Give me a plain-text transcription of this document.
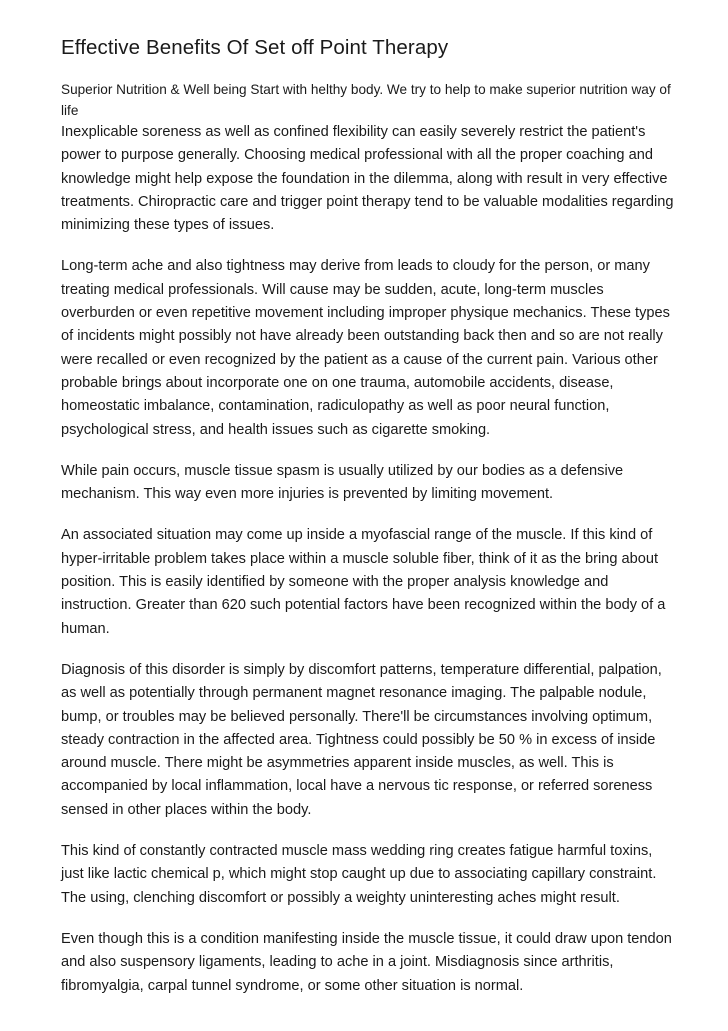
Effective Benefits Of Set off Point Therapy

Superior Nutrition & Well being Start with helthy body. We try to help to make superior nutrition way of life

Inexplicable soreness as well as confined flexibility can easily severely restrict the patient's power to purpose generally. Choosing medical professional with all the proper coaching and knowledge might help expose the foundation in the dilemma, along with result in very effective treatments. Chiropractic care and trigger point therapy tend to be valuable modalities regarding minimizing these types of issues.

Long-term ache and also tightness may derive from leads to cloudy for the person, or many treating medical professionals. Will cause may be sudden, acute, long-term muscles overburden or even repetitive movement including improper physique mechanics. These types of incidents might possibly not have already been outstanding back then and so are not really were recalled or even recognized by the patient as a cause of the current pain. Various other probable brings about incorporate one on one trauma, automobile accidents, disease, homeostatic imbalance, contamination, radiculopathy as well as poor neural function, psychological stress, and health issues such as cigarette smoking.

While pain occurs, muscle tissue spasm is usually utilized by our bodies as a defensive mechanism. This way even more injuries is prevented by limiting movement.

An associated situation may come up inside a myofascial range of the muscle. If this kind of hyper-irritable problem takes place within a muscle soluble fiber, think of it as the bring about position. This is easily identified by someone with the proper analysis knowledge and instruction. Greater than 620 such potential factors have been recognized within the body of a human.

Diagnosis of this disorder is simply by discomfort patterns, temperature differential, palpation, as well as potentially through permanent magnet resonance imaging. The palpable nodule, bump, or troubles may be believed personally. There'll be circumstances involving optimum, steady contraction in the affected area. Tightness could possibly be 50 % in excess of inside around muscle. There might be asymmetries apparent inside muscles, as well. This is accompanied by local inflammation, local have a nervous tic response, or referred soreness sensed in other places within the body.

This kind of constantly contracted muscle mass wedding ring creates fatigue harmful toxins, just like lactic chemical p, which might stop caught up due to associating capillary constraint. The using, clenching discomfort or possibly a weighty uninteresting aches might result.

Even though this is a condition manifesting inside the muscle tissue, it could draw upon tendon and also suspensory ligaments, leading to ache in a joint. Misdiagnosis since arthritis, fibromyalgia, carpal tunnel syndrome, or some other situation is normal.
